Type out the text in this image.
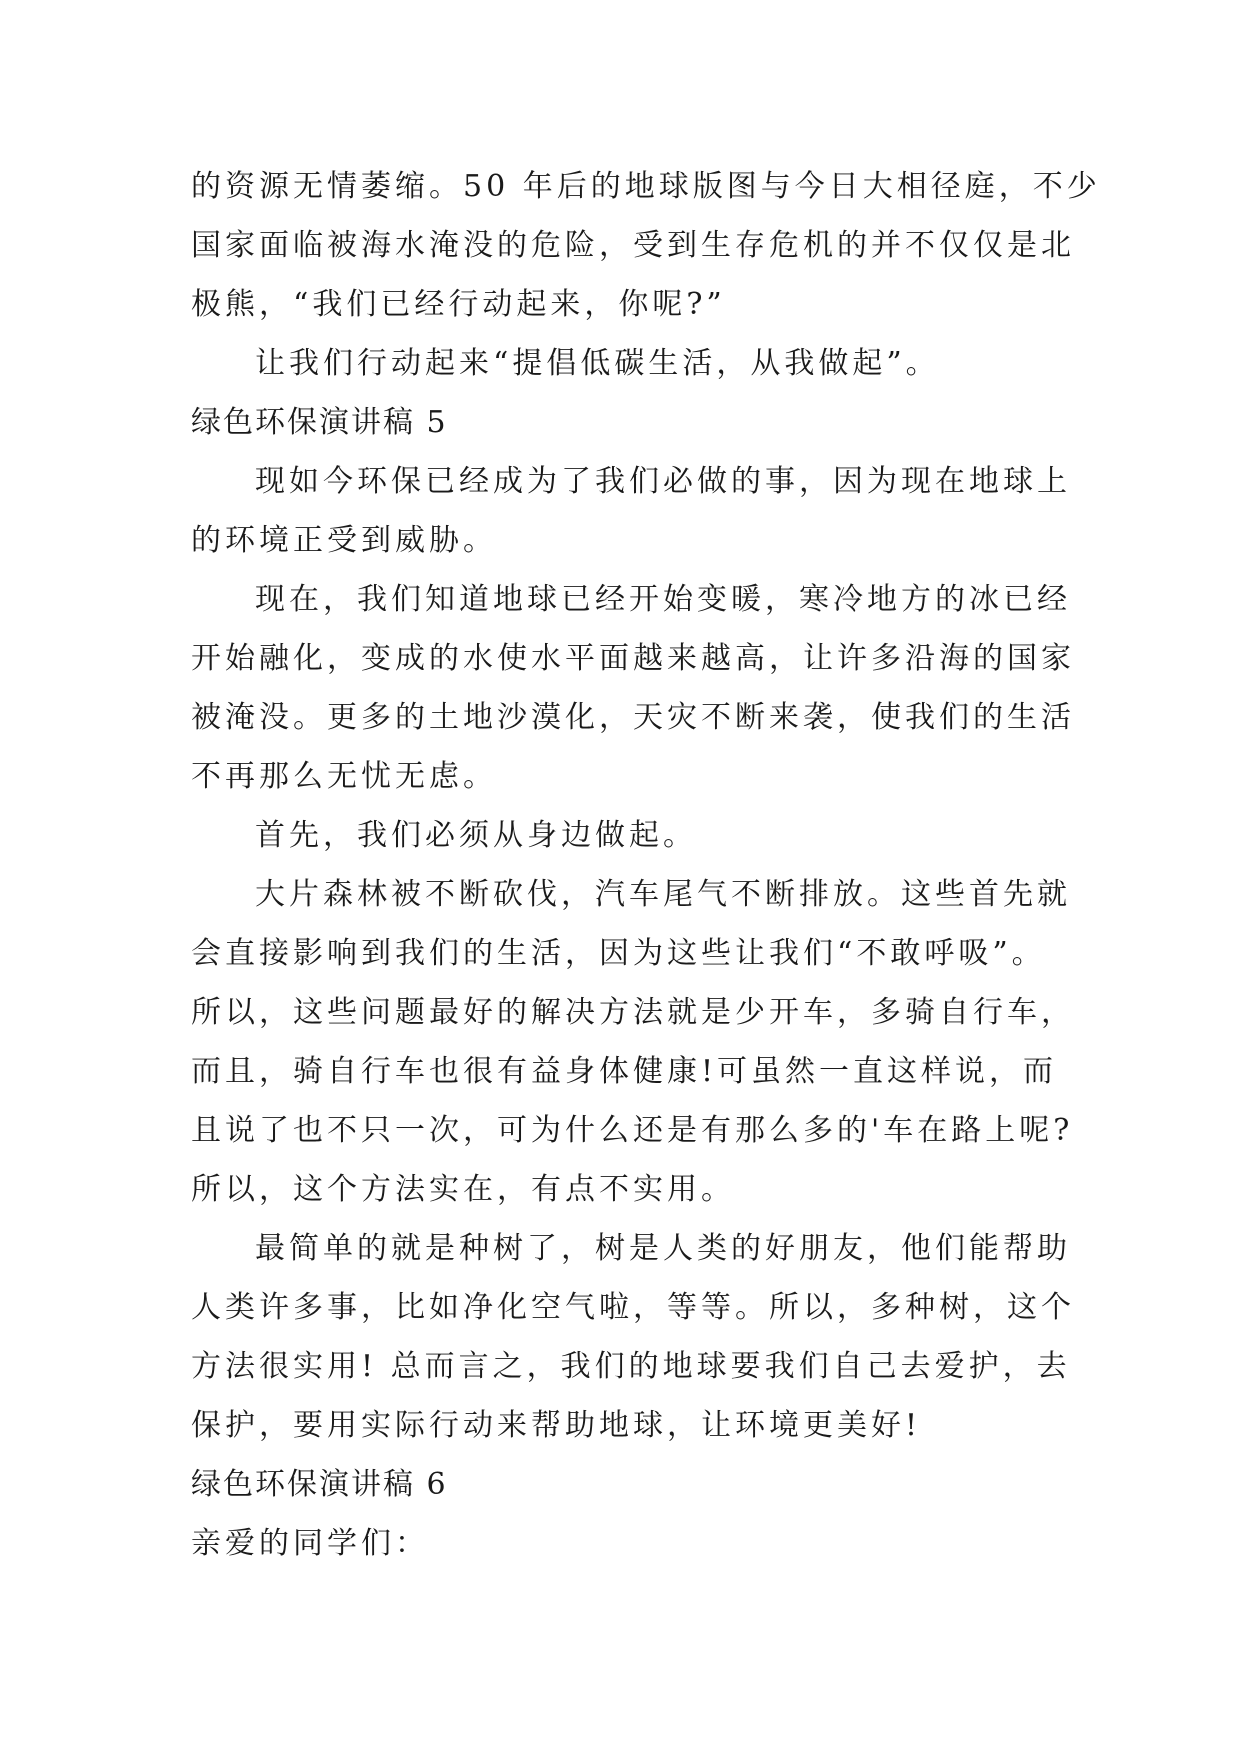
的资源无情萎缩。50 年后的地球版图与今日大相径庭，不少
国家面临被海水淹没的危险，受到生存危机的并不仅仅是北
极熊，“我们已经行动起来，你呢?”
让我们行动起来“提倡低碳生活，从我做起”。
绿色环保演讲稿 5
现如今环保已经成为了我们必做的事，因为现在地球上
的环境正受到威胁。
现在，我们知道地球已经开始变暖，寒冷地方的冰已经
开始融化，变成的水使水平面越来越高，让许多沿海的国家
被淹没。更多的土地沙漠化，天灾不断来袭，使我们的生活
不再那么无忧无虑。
首先，我们必须从身边做起。
大片森林被不断砍伐，汽车尾气不断排放。这些首先就
会直接影响到我们的生活，因为这些让我们“不敢呼吸”。
所以，这些问题最好的解决方法就是少开车，多骑自行车，
而且，骑自行车也很有益身体健康!可虽然一直这样说，而
且说了也不只一次，可为什么还是有那么多的'车在路上呢?
所以，这个方法实在，有点不实用。
最简单的就是种树了，树是人类的好朋友，他们能帮助
人类许多事，比如净化空气啦，等等。所以，多种树，这个
方法很实用! 总而言之，我们的地球要我们自己去爱护，去
保护，要用实际行动来帮助地球，让环境更美好!
绿色环保演讲稿 6
亲爱的同学们：
